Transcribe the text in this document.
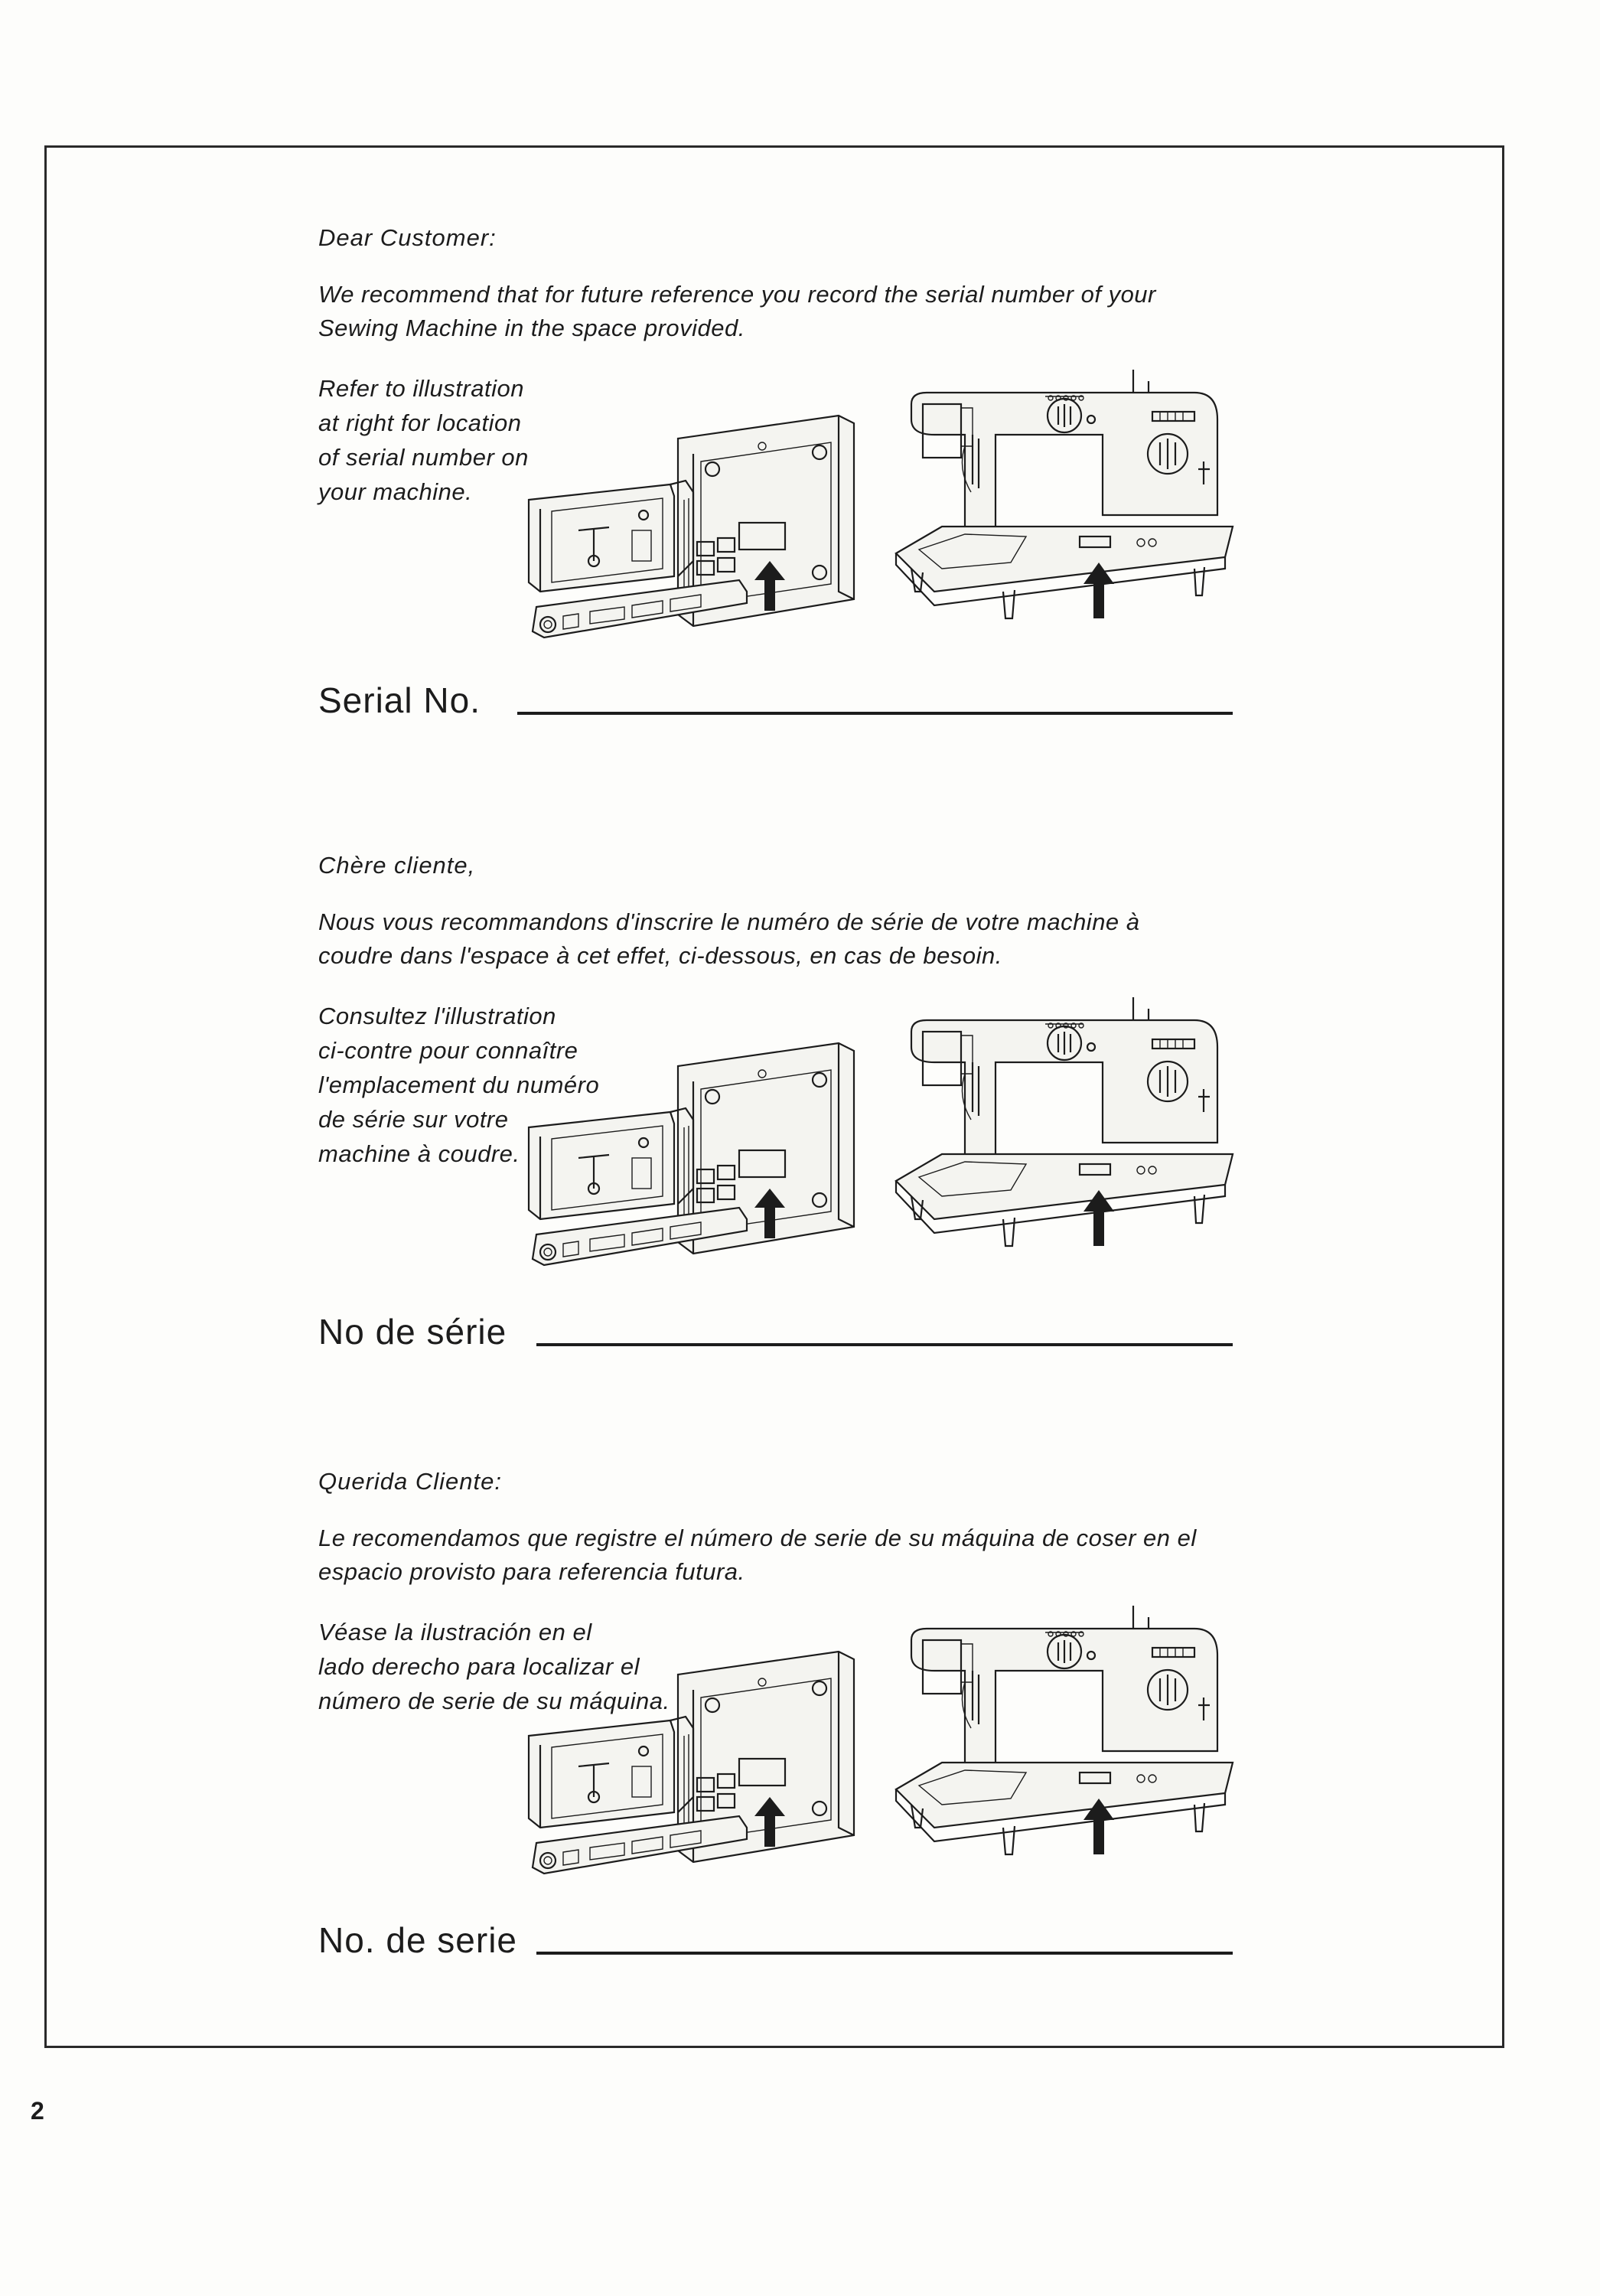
Dear Customer:

We recommend that for future reference you record the serial number of your Sewing Machine in the space provided.

Refer to illustration
at right for location
of serial number on
your machine.

Serial No.
Chère cliente,

Nous vous recommandons d'inscrire le numéro de série de votre machine à coudre dans l'espace à cet effet, ci-dessous, en cas de besoin.

Consultez l'illustration
ci-contre pour connaître
l'emplacement du numéro
de série sur votre
machine à coudre.

No de série
Querida Cliente:

Le recomendamos que registre el número de serie de su máquina de coser en el espacio provisto para referencia futura.

Véase la ilustración en el
lado derecho para localizar el
número de serie de su máquina.

No. de serie
2
